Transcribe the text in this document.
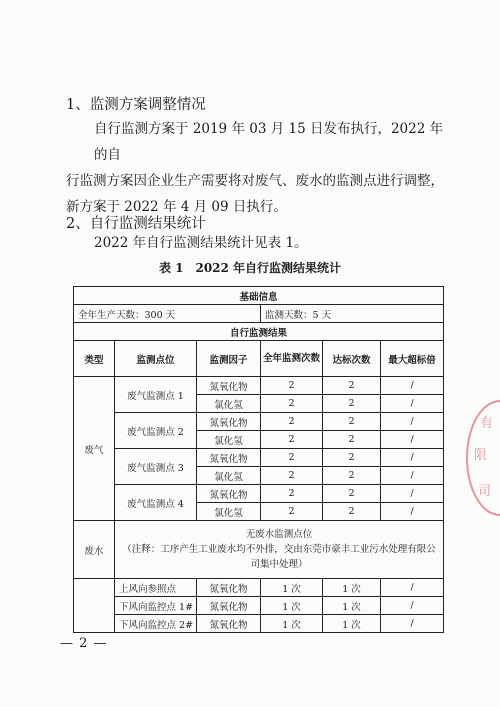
1、监测方案调整情况
自行监测方案于 2019 年 03 月 15 日发布执行，2022 年的自
行监测方案因企业生产需要将对废气、废水的监测点进行调整，
新方案于 2022 年 4 月 09 日执行。
2、自行监测结果统计
2022 年自行监测结果统计见表 1。
表 1　2022 年自行监测结果统计
基础信息					
全年生产天数：300 天			监测天数：5 天		
自行监测结果					
类型	监测点位	监测因子	全年监测次数	达标次数	最大超标倍
废气	废气监测点 1	氮氧化物	2	2	/
		氯化氢	2	2	/
	废气监测点 2	氮氧化物	2	2	/
		氯化氢	2	2	/
	废气监测点 3	氮氧化物	2	2	/
		氯化氢	2	2	/
	废气监测点 4	氮氧化物	2	2	/
		氯化氢	2	2	/
废水	无废水监测点位
（注释：工序产生工业废水均不外排，交由东莞市豪丰工业污水处理有限公司集中处理）				

	上风向参照点	氮氧化物	1 次	1 次	/
	下风向监控点 1#	氮氧化物	1 次	1 次	/
	下风向监控点 2#	氮氧化物	1 次	1 次	/
— 2 —
有
限
司
